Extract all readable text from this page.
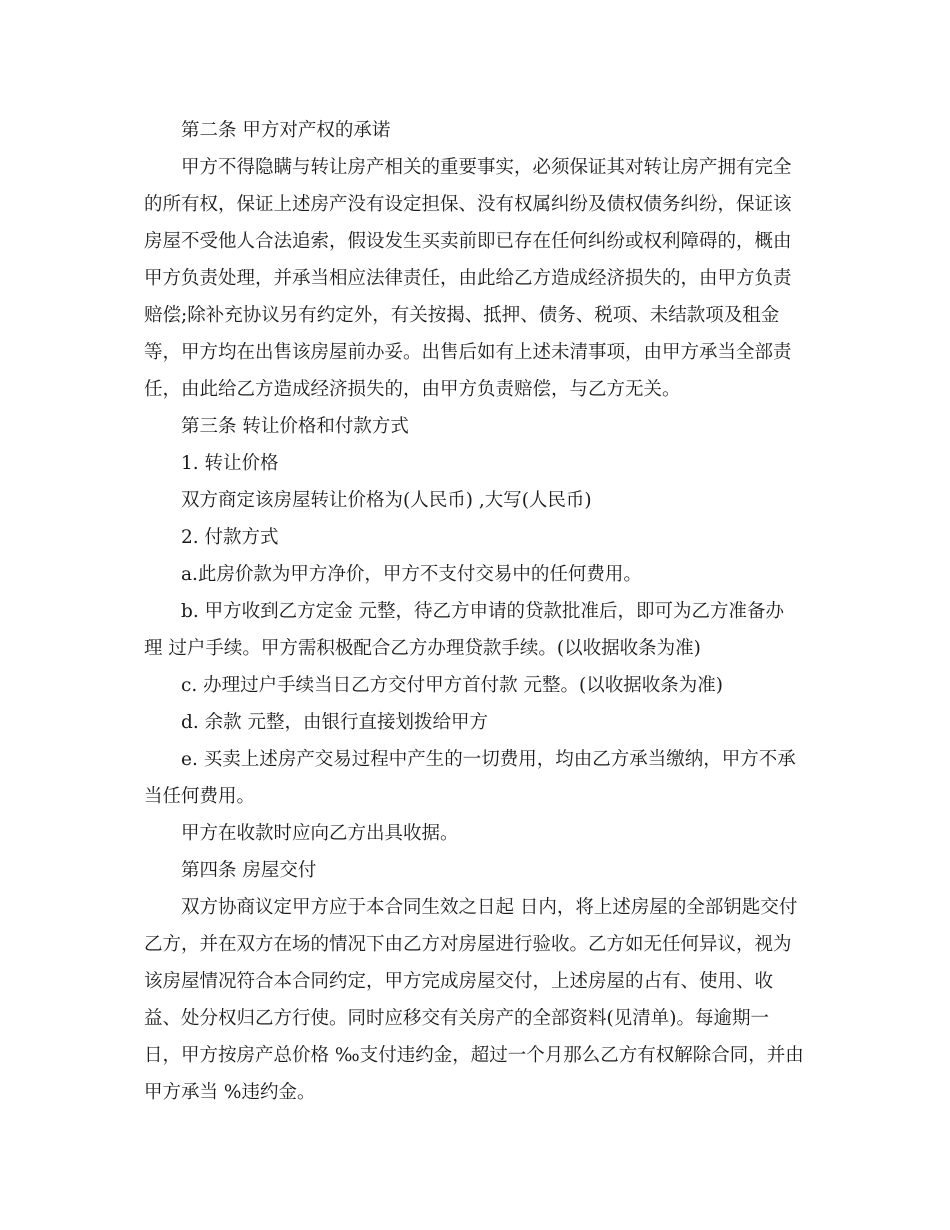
第二条 甲方对产权的承诺
甲方不得隐瞒与转让房产相关的重要事实，必须保证其对转让房产拥有完全
的所有权，保证上述房产没有设定担保、没有权属纠纷及债权债务纠纷，保证该
房屋不受他人合法追索，假设发生买卖前即已存在任何纠纷或权利障碍的，概由
甲方负责处理，并承当相应法律责任，由此给乙方造成经济损失的，由甲方负责
赔偿;除补充协议另有约定外，有关按揭、抵押、债务、税项、未结款项及租金
等，甲方均在出售该房屋前办妥。出售后如有上述未清事项，由甲方承当全部责
任，由此给乙方造成经济损失的，由甲方负责赔偿，与乙方无关。
第三条 转让价格和付款方式
1. 转让价格
双方商定该房屋转让价格为(人民币) ,大写(人民币)
2. 付款方式
a.此房价款为甲方净价，甲方不支付交易中的任何费用。
b. 甲方收到乙方定金 元整，待乙方申请的贷款批准后，即可为乙方准备办
理 过户手续。甲方需积极配合乙方办理贷款手续。(以收据收条为准)
c. 办理过户手续当日乙方交付甲方首付款 元整。(以收据收条为准)
d. 余款 元整，由银行直接划拨给甲方
e. 买卖上述房产交易过程中产生的一切费用，均由乙方承当缴纳，甲方不承
当任何费用。
甲方在收款时应向乙方出具收据。
第四条 房屋交付
双方协商议定甲方应于本合同生效之日起 日内，将上述房屋的全部钥匙交付
乙方，并在双方在场的情况下由乙方对房屋进行验收。乙方如无任何异议，视为
该房屋情况符合本合同约定，甲方完成房屋交付，上述房屋的占有、使用、收
益、处分权归乙方行使。同时应移交有关房产的全部资料(见清单)。每逾期一
日，甲方按房产总价格 ‰支付违约金，超过一个月那么乙方有权解除合同，并由
甲方承当 %违约金。
